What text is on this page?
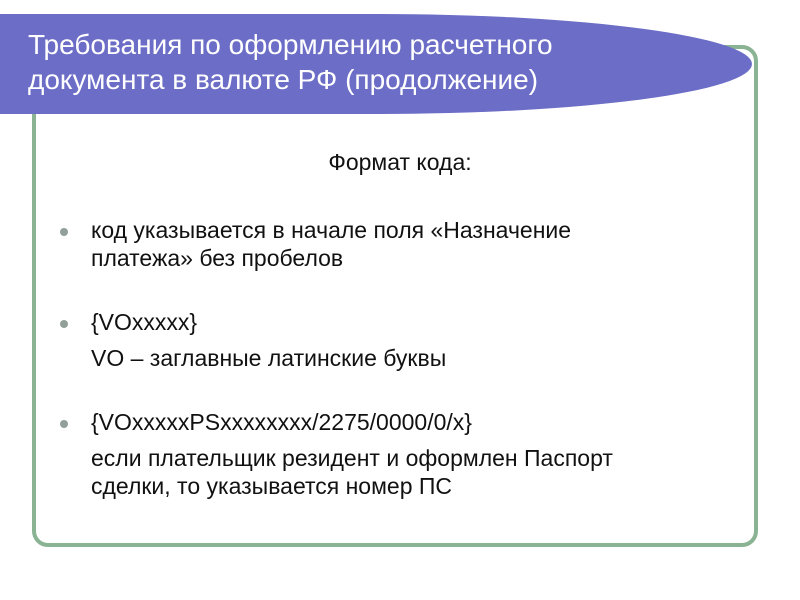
Требования по оформлению расчетного
документа в валюте РФ (продолжение)
Формат кода:
код указывается в начале поля «Назначение
платежа» без пробелов
{VOxxxxx}
VO – заглавные латинские буквы
{VOxxxxxPSxxxxxxxx/2275/0000/0/x}
если плательщик резидент и оформлен Паспорт
сделки, то указывается номер ПС
